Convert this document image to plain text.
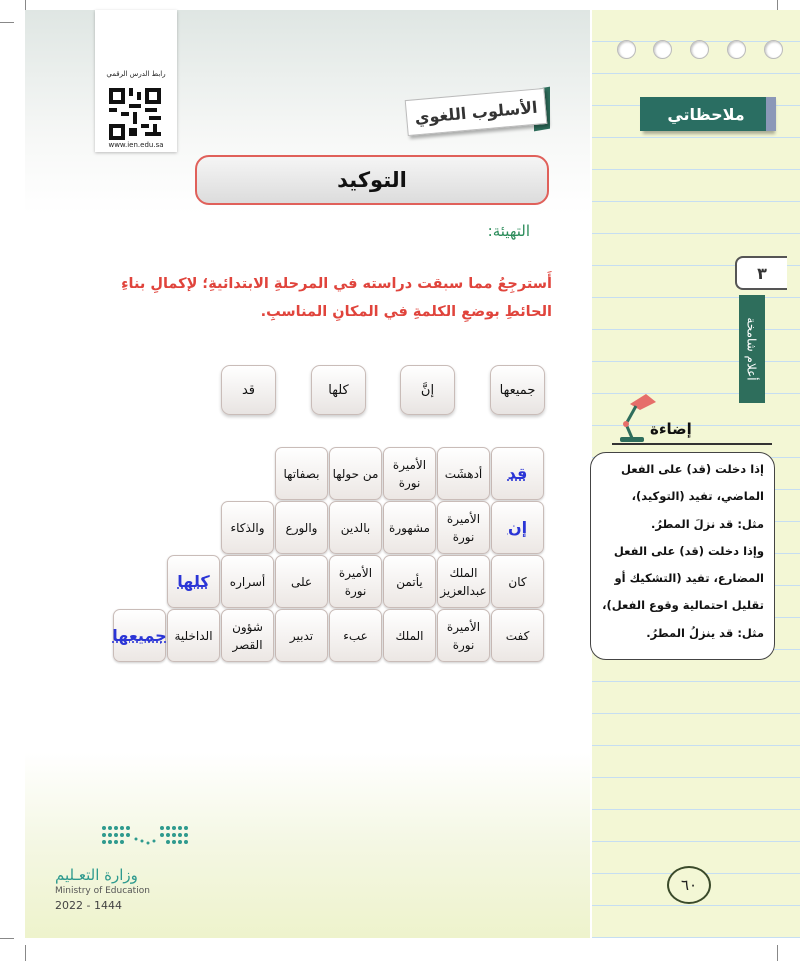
رابط الدرس الرقمي
www.ien.edu.sa
الأسلوب اللغوي
التوكيد
التهيئة:
أَسترجِعُ مما سبقت دراسته في المرحلةِ الابتدائيةِ؛ لإكمالِ بناءِ الحائطِ بوضعِ الكلمةِ في المكانِ المناسبِ.
جميعها
إنَّ
كلها
قد
قد
أدهشَت
الأميرة نورة
من حولها
بصفاتها
إن
الأميرة نورة
مشهورة
بالدين
والورع
والذكاء
كان
الملك عبدالعزيز
يأتمن
الأميرة نورة
على
أسراره
كلها
كفت
الأميرة نورة
الملك
عبء
تدبير
شؤون القصر
الداخلية
جميعها
وزارة التعـليم
Ministry of Education
2022 - 1444
ملاحظاتي
٣
أعلام شامخة
إضاءة
إذا دخلت (قد) على الفعل
الماضي، تفيد (التوكيد)،
مثل: قد نزلَ المطرُ.
وإذا دخلت (قد) على الفعل
المضارع، تفيد (التشكيك أو
تقليل احتمالية وقوع الفعل)،
مثل: قد ينزلُ المطرُ.
٦٠
